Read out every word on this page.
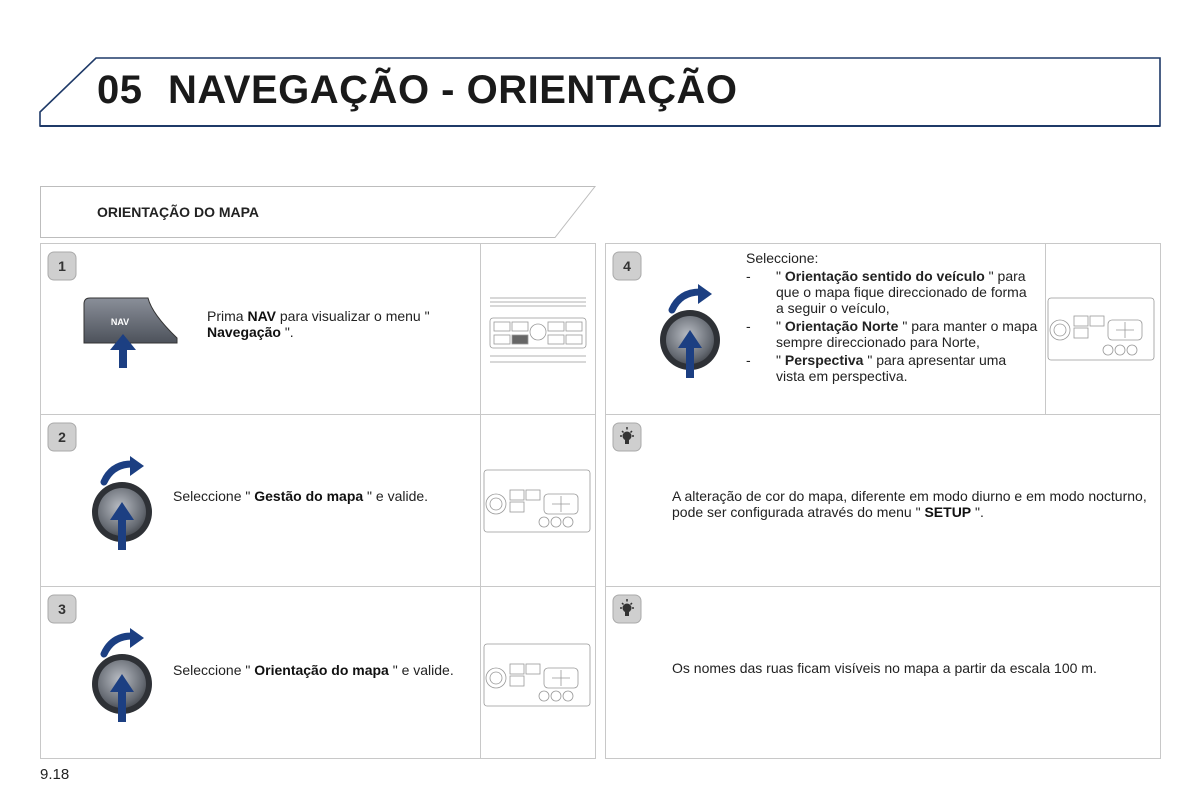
05 NAVEGAÇÃO - ORIENTAÇÃO
ORIENTAÇÃO DO MAPA
1
2
3
4
NAV	Prima NAV para visualizar o menu " Navegação ".
Seleccione " Gestão do mapa " e valide.
Seleccione " Orientação do mapa " e valide.
Seleccione:
- " Orientação sentido do veículo " para que o mapa fique direccionado de forma a seguir o veículo,
- " Orientação Norte " para manter o mapa sempre direccionado para Norte,
- " Perspectiva " para apresentar uma vista em perspectiva.
A alteração de cor do mapa, diferente em modo diurno e em modo nocturno, pode ser configurada através do menu " SETUP ".
Os nomes das ruas ficam visíveis no mapa a partir da escala 100 m.
9.18
